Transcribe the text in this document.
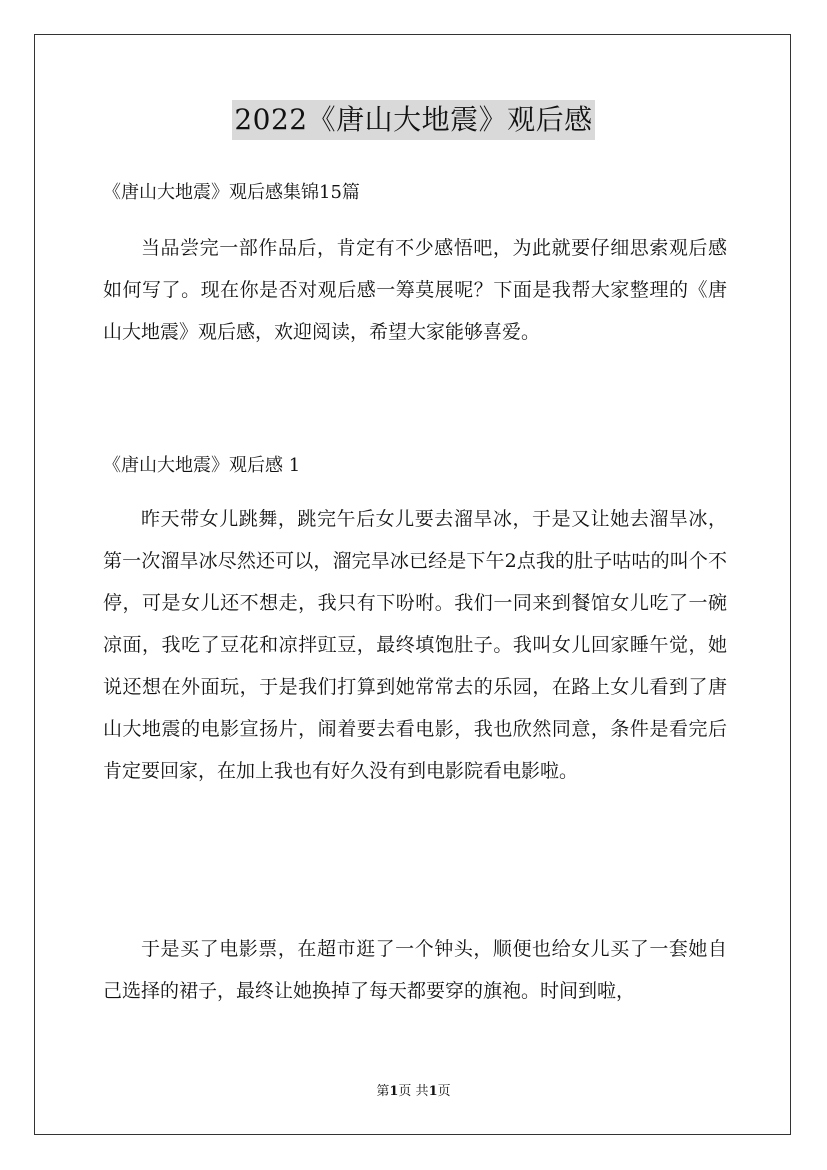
2022《唐山大地震》观后感
《唐山大地震》观后感集锦15篇

当品尝完一部作品后，肯定有不少感悟吧，为此就要仔细思索观后感如何写了。现在你是否对观后感一筹莫展呢？下面是我帮大家整理的《唐山大地震》观后感，欢迎阅读，希望大家能够喜爱。

《唐山大地震》观后感 1

昨天带女儿跳舞，跳完午后女儿要去溜旱冰，于是又让她去溜旱冰，第一次溜旱冰尽然还可以，溜完旱冰已经是下午2点我的肚子咕咕的叫个不停，可是女儿还不想走，我只有下吩咐。我们一同来到餐馆女儿吃了一碗凉面，我吃了豆花和凉拌豇豆，最终填饱肚子。我叫女儿回家睡午觉，她说还想在外面玩，于是我们打算到她常常去的乐园，在路上女儿看到了唐山大地震的电影宣扬片，闹着要去看电影，我也欣然同意，条件是看完后肯定要回家，在加上我也有好久没有到电影院看电影啦。

于是买了电影票，在超市逛了一个钟头，顺便也给女儿买了一套她自己选择的裙子，最终让她换掉了每天都要穿的旗袍。时间到啦，

第1页 共1页
